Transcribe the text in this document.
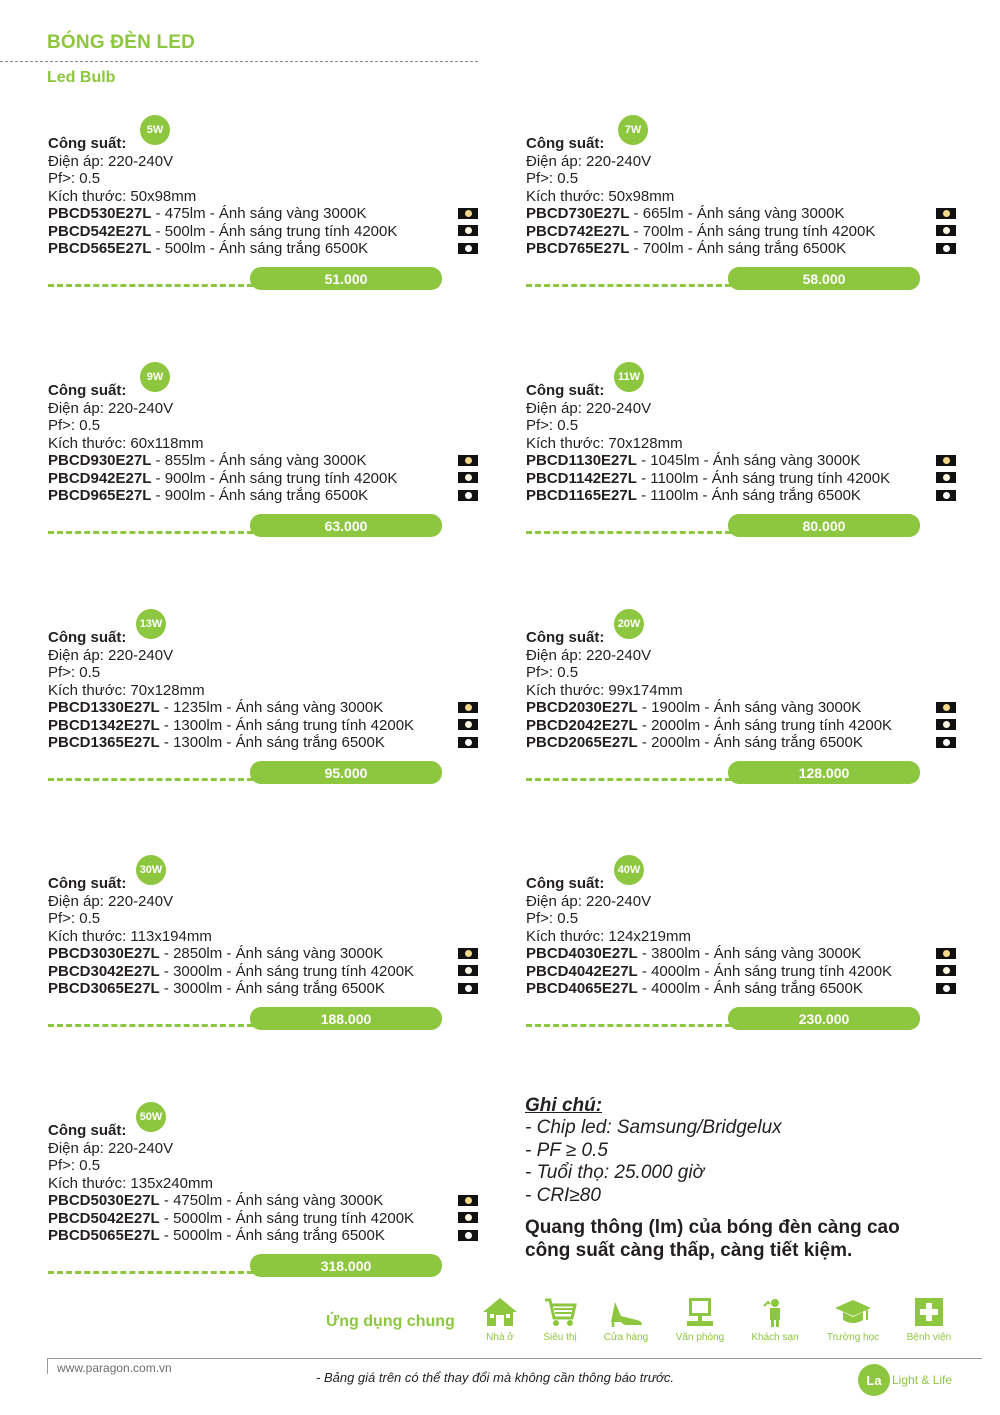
BÓNG ĐÈN LED
Led Bulb
Công suất:
5W
Điện áp: 220-240V
Pf>: 0.5
Kích thước: 50x98mm
PBCD530E27L - 475lm - Ánh sáng vàng 3000K
PBCD542E27L - 500lm - Ánh sáng trung tính 4200K
PBCD565E27L - 500lm - Ánh sáng trắng 6500K
51.000
Công suất:
7W
Điện áp: 220-240V
Pf>: 0.5
Kích thước: 50x98mm
PBCD730E27L - 665lm - Ánh sáng vàng 3000K
PBCD742E27L - 700lm - Ánh sáng trung tính 4200K
PBCD765E27L - 700lm - Ánh sáng trắng 6500K
58.000
Công suất:
9W
Điện áp: 220-240V
Pf>: 0.5
Kích thước: 60x118mm
PBCD930E27L - 855lm - Ánh sáng vàng 3000K
PBCD942E27L - 900lm - Ánh sáng trung tính 4200K
PBCD965E27L - 900lm - Ánh sáng trắng 6500K
63.000
Công suất:
11W
Điện áp: 220-240V
Pf>: 0.5
Kích thước: 70x128mm
PBCD1130E27L - 1045lm - Ánh sáng vàng 3000K
PBCD1142E27L - 1100lm - Ánh sáng trung tính 4200K
PBCD1165E27L - 1100lm - Ánh sáng trắng 6500K
80.000
Công suất:
13W
Điện áp: 220-240V
Pf>: 0.5
Kích thước: 70x128mm
PBCD1330E27L - 1235lm - Ánh sáng vàng 3000K
PBCD1342E27L - 1300lm - Ánh sáng trung tính 4200K
PBCD1365E27L - 1300lm - Ánh sáng trắng 6500K
95.000
Công suất:
20W
Điện áp: 220-240V
Pf>: 0.5
Kích thước: 99x174mm
PBCD2030E27L - 1900lm - Ánh sáng vàng 3000K
PBCD2042E27L - 2000lm - Ánh sáng trung tính 4200K
PBCD2065E27L - 2000lm - Ánh sáng trắng 6500K
128.000
Công suất:
30W
Điện áp: 220-240V
Pf>: 0.5
Kích thước: 113x194mm
PBCD3030E27L - 2850lm - Ánh sáng vàng 3000K
PBCD3042E27L - 3000lm - Ánh sáng trung tính 4200K
PBCD3065E27L - 3000lm - Ánh sáng trắng 6500K
188.000
Công suất:
40W
Điện áp: 220-240V
Pf>: 0.5
Kích thước: 124x219mm
PBCD4030E27L - 3800lm - Ánh sáng vàng 3000K
PBCD4042E27L - 4000lm - Ánh sáng trung tính 4200K
PBCD4065E27L - 4000lm - Ánh sáng trắng 6500K
230.000
Công suất:
50W
Điện áp: 220-240V
Pf>: 0.5
Kích thước: 135x240mm
PBCD5030E27L - 4750lm - Ánh sáng vàng 3000K
PBCD5042E27L - 5000lm - Ánh sáng trung tính 4200K
PBCD5065E27L - 5000lm - Ánh sáng trắng 6500K
318.000
Ghi chú:
- Chip led: Samsung/Bridgelux
- PF ≥ 0.5
- Tuổi thọ: 25.000 giờ
- CRI≥80
Quang thông (lm) của bóng đèn càng cao
công suất càng thấp, càng tiết kiệm.
Ứng dụng chung
Nhà ở	Siêu thị	Cửa hàng	Văn phòng	Khách sạn	Trường học	Bệnh viện
www.paragon.com.vn
- Bảng giá trên có thể thay đổi mà không cần thông báo trước.	La Light & Life
